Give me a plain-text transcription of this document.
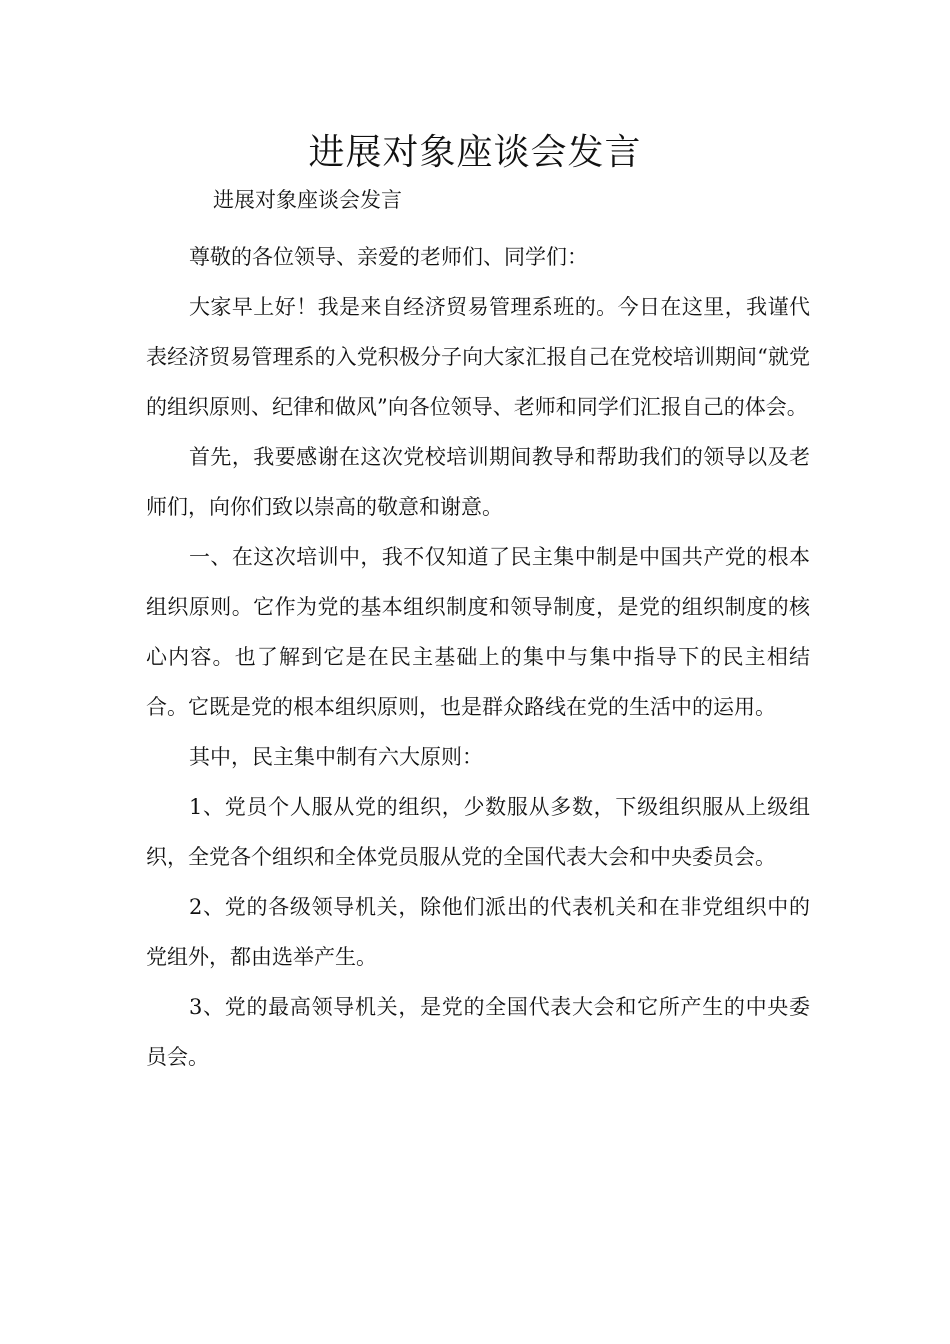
进展对象座谈会发言

进展对象座谈会发言

尊敬的各位领导、亲爱的老师们、同学们：

大家早上好！我是来自经济贸易管理系班的。今日在这里，我谨代表经济贸易管理系的入党积极分子向大家汇报自己在党校培训期间“就党的组织原则、纪律和做风”向各位领导、老师和同学们汇报自己的体会。

首先，我要感谢在这次党校培训期间教导和帮助我们的领导以及老师们，向你们致以崇高的敬意和谢意。

一、在这次培训中，我不仅知道了民主集中制是中国共产党的根本组织原则。它作为党的基本组织制度和领导制度，是党的组织制度的核心内容。也了解到它是在民主基础上的集中与集中指导下的民主相结合。它既是党的根本组织原则，也是群众路线在党的生活中的运用。

其中，民主集中制有六大原则：

1、党员个人服从党的组织，少数服从多数，下级组织服从上级组织，全党各个组织和全体党员服从党的全国代表大会和中央委员会。

2、党的各级领导机关，除他们派出的代表机关和在非党组织中的党组外，都由选举产生。

3、党的最高领导机关，是党的全国代表大会和它所产生的中央委员会。
